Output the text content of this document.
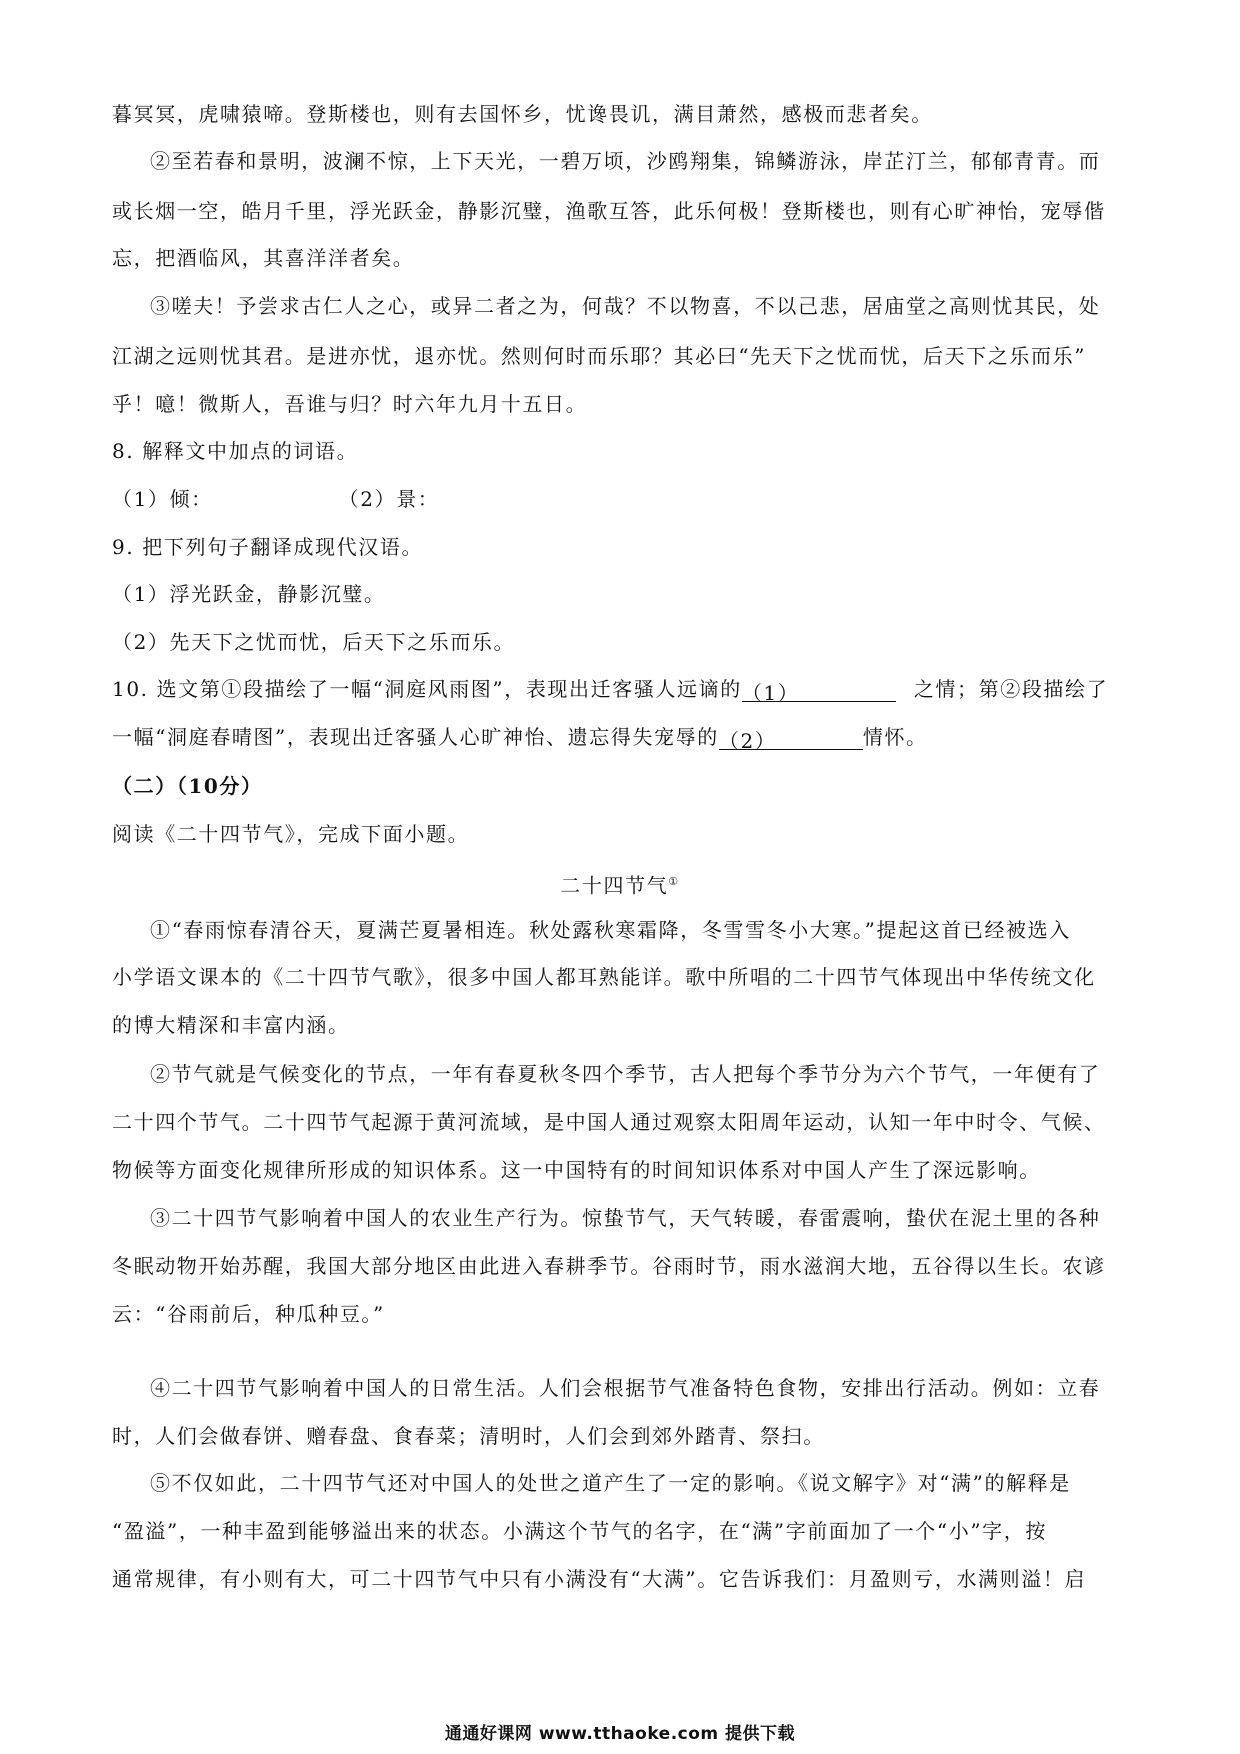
暮冥冥，虎啸猿啼。登斯楼也，则有去国怀乡，忧谗畏讥，满目萧然，感极而悲者矣。
②至若春和景明，波澜不惊，上下天光，一碧万顷，沙鸥翔集，锦鳞游泳，岸芷汀兰，郁郁青青。而
或长烟一空，皓月千里，浮光跃金，静影沉璧，渔歌互答，此乐何极！登斯楼也，则有心旷神怡，宠辱偕
忘，把酒临风，其喜洋洋者矣。
③嗟夫！予尝求古仁人之心，或异二者之为，何哉？不以物喜，不以己悲，居庙堂之高则忧其民，处
江湖之远则忧其君。是进亦忧，退亦忧。然则何时而乐耶？其必曰“先天下之忧而忧，后天下之乐而乐”
乎！噫！微斯人，吾谁与归？时六年九月十五日。
8. 解释文中加点的词语。
（1）倾：	（2）景：
9. 把下列句子翻译成现代汉语。
（1）浮光跃金，静影沉璧。
（2）先天下之忧而忧，后天下之乐而乐。
10. 选文第①段描绘了一幅“洞庭风雨图”，表现出迁客骚人远谪的（1）	之情；第②段描绘了
一幅“洞庭春晴图”，表现出迁客骚人心旷神怡、遗忘得失宠辱的（2）	情怀。
（二）（10分）
阅读《二十四节气》，完成下面小题。
二十四节气①
①“春雨惊春清谷天，夏满芒夏暑相连。秋处露秋寒霜降，冬雪雪冬小大寒。”提起这首已经被选入
小学语文课本的《二十四节气歌》，很多中国人都耳熟能详。歌中所唱的二十四节气体现出中华传统文化
的博大精深和丰富内涵。
②节气就是气候变化的节点，一年有春夏秋冬四个季节，古人把每个季节分为六个节气，一年便有了
二十四个节气。二十四节气起源于黄河流域，是中国人通过观察太阳周年运动，认知一年中时令、气候、
物候等方面变化规律所形成的知识体系。这一中国特有的时间知识体系对中国人产生了深远影响。
③二十四节气影响着中国人的农业生产行为。惊蛰节气，天气转暖，春雷震响，蛰伏在泥土里的各种
冬眠动物开始苏醒，我国大部分地区由此进入春耕季节。谷雨时节，雨水滋润大地，五谷得以生长。农谚
云：“谷雨前后，种瓜种豆。”
④二十四节气影响着中国人的日常生活。人们会根据节气准备特色食物，安排出行活动。例如：立春
时，人们会做春饼、赠春盘、食春菜；清明时，人们会到郊外踏青、祭扫。
⑤不仅如此，二十四节气还对中国人的处世之道产生了一定的影响。《说文解字》对“满”的解释是
“盈溢”，一种丰盈到能够溢出来的状态。小满这个节气的名字，在“满”字前面加了一个“小”字，按
通常规律，有小则有大，可二十四节气中只有小满没有“大满”。它告诉我们：月盈则亏，水满则溢！启
通通好课网 www.tthaoke.com 提供下载
